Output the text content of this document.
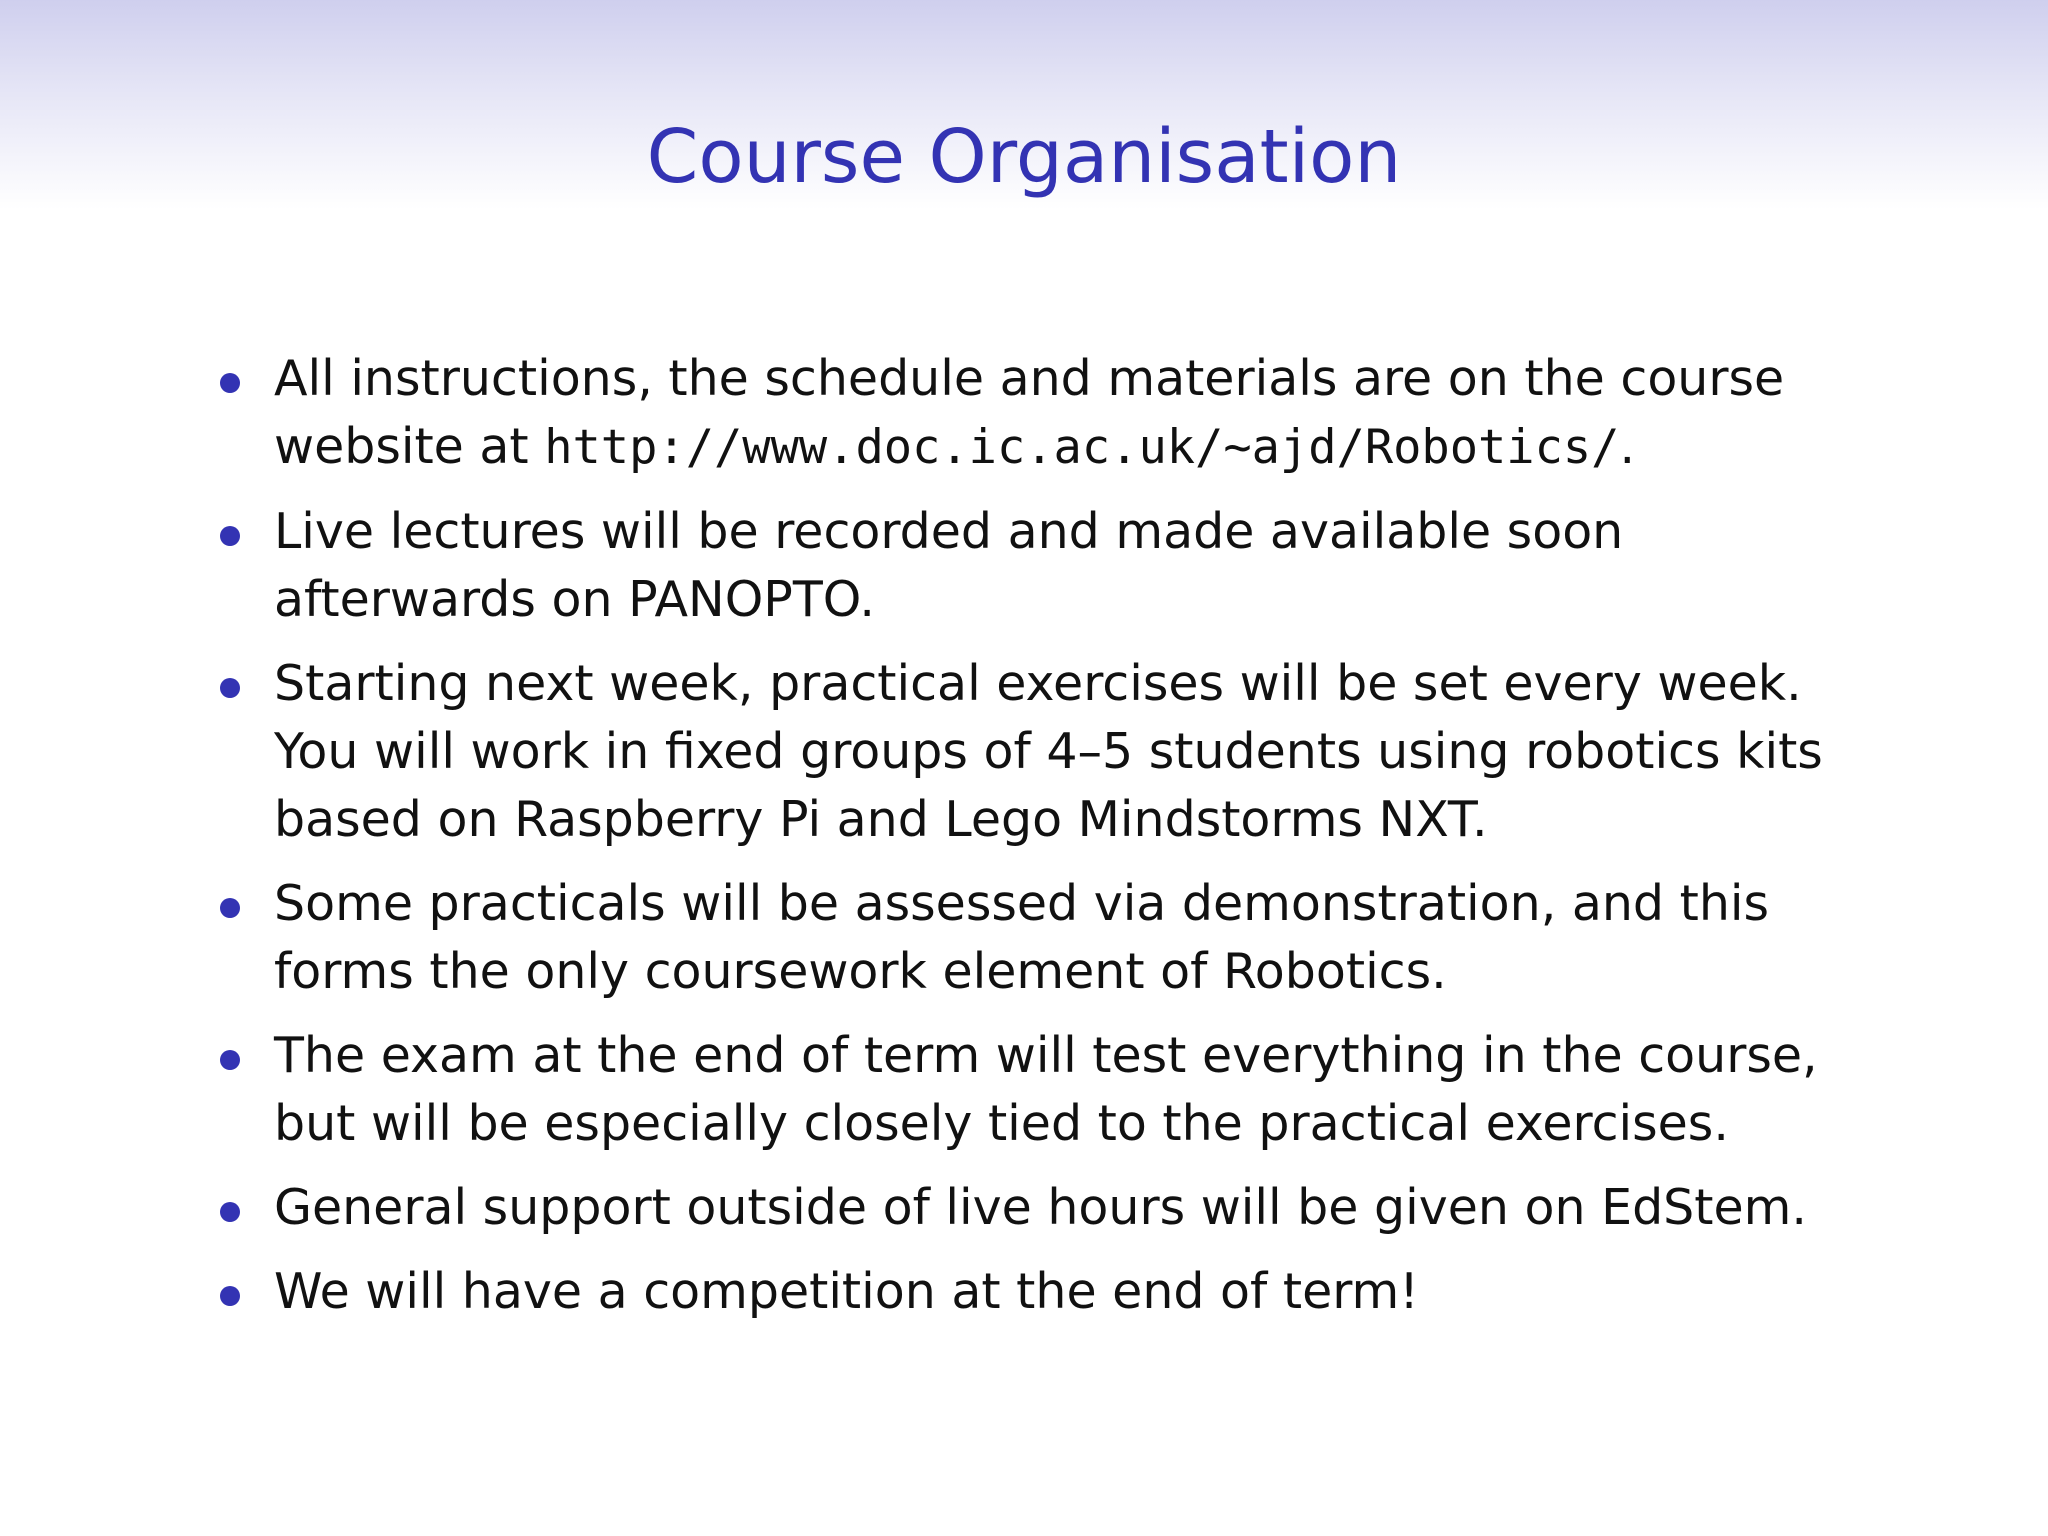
Course Organisation
All instructions, the schedule and materials are on the course website at http://www.doc.ic.ac.uk/~ajd/Robotics/.
Live lectures will be recorded and made available soon afterwards on PANOPTO.
Starting next week, practical exercises will be set every week. You will work in fixed groups of 4–5 students using robotics kits based on Raspberry Pi and Lego Mindstorms NXT.
Some practicals will be assessed via demonstration, and this forms the only coursework element of Robotics.
The exam at the end of term will test everything in the course, but will be especially closely tied to the practical exercises.
General support outside of live hours will be given on EdStem.
We will have a competition at the end of term!
